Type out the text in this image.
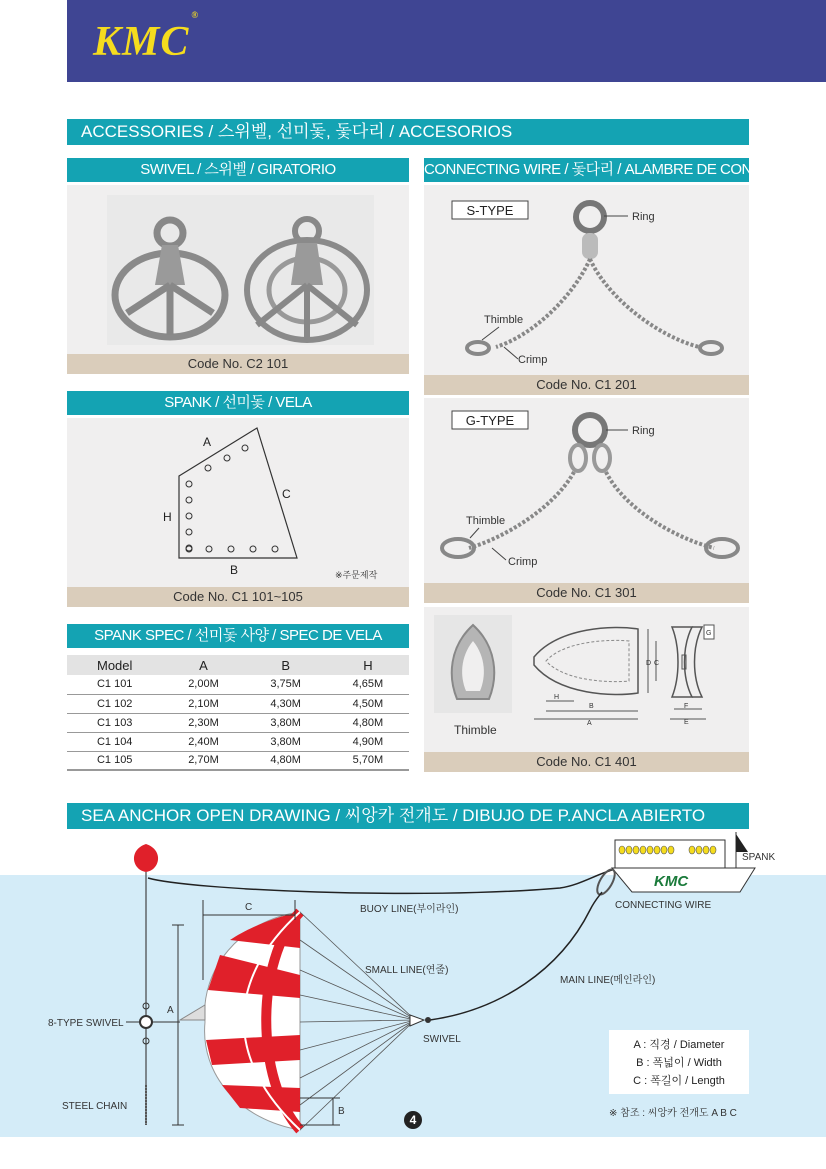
KMC®
ACCESSORIES / 스위벨, 선미돛, 돛다리 / ACCESORIOS
SWIVEL / 스위벨 / GIRATORIO
Code No. C2 101
CONNECTING WIRE / 돛다리 / ALAMBRE DE CONEXION
S-TYPE	Ring
Thimble
Crimp
Code No. C1 201
G-TYPE
Ring
Thimble
Crimp
Code No. C1 301
Thimble
B
A
H
D C
G
F
E
Code No. C1 401
SPANK / 선미돛 / VELA
A
C
H
B	※주문제작
Code No. C1 101~105
SPANK SPEC / 선미돛 사양 / SPEC DE VELA
Model	A	B	H
C1 101	2,00M	3,75M	4,65M
C1 102	2,10M	4,30M	4,50M
C1 103	2,30M	3,80M	4,80M
C1 104	2,40M	3,80M	4,90M
C1 105	2,70M	4,80M	5,70M
SEA ANCHOR OPEN DRAWING / 씨앙카 전개도 / DIBUJO DE P.ANCLA ABIERTO
KMC
SPANK
CONNECTING WIRE
MAIN LINE(메인라인)
BUOY LINE(부이라인)
SMALL LINE(연줄)
SWIVEL
8-TYPE SWIVEL
STEEL CHAIN
A
C
B
A : 직경 / Diameter
B : 폭넓이 / Width
C : 폭길이 / Length
※ 참조 : 씨앙카 전개도 A B C
4
